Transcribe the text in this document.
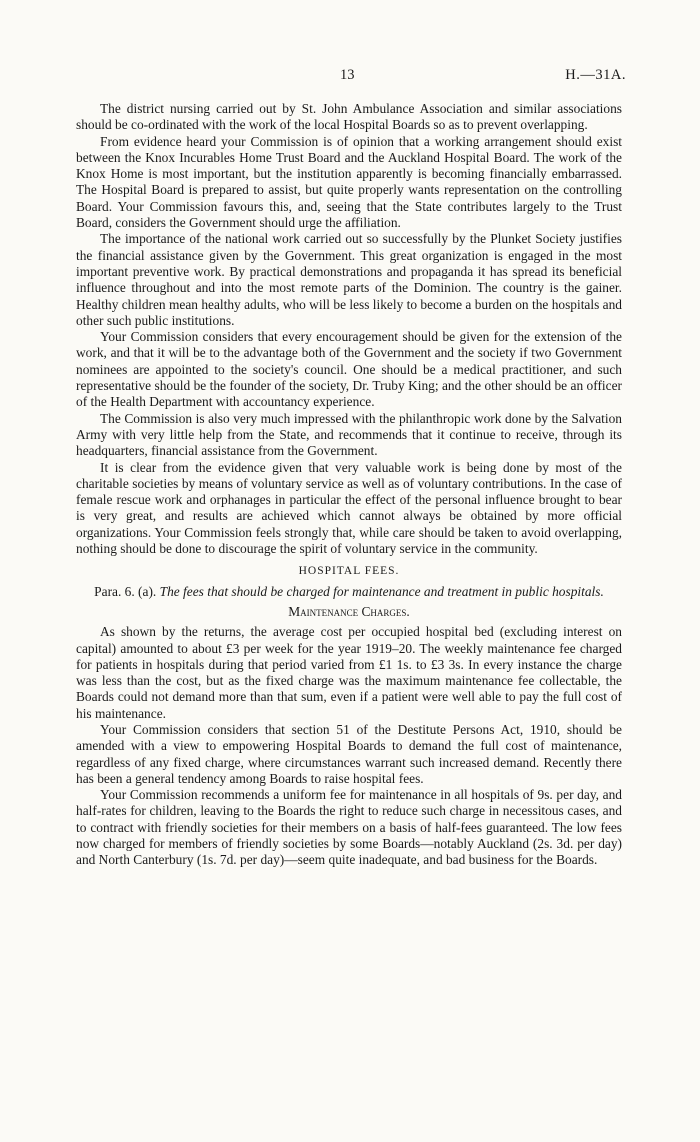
13	H.—31A.

The district nursing carried out by St. John Ambulance Association and similar associations should be co-ordinated with the work of the local Hospital Boards so as to prevent overlapping.

From evidence heard your Commission is of opinion that a working arrangement should exist between the Knox Incurables Home Trust Board and the Auckland Hospital Board. The work of the Knox Home is most important, but the institution apparently is becoming financially embarrassed. The Hospital Board is prepared to assist, but quite properly wants representation on the controlling Board. Your Commission favours this, and, seeing that the State contributes largely to the Trust Board, considers the Government should urge the affiliation.

The importance of the national work carried out so successfully by the Plunket Society justifies the financial assistance given by the Government. This great organization is engaged in the most important preventive work. By practical demonstrations and propaganda it has spread its beneficial influence throughout and into the most remote parts of the Dominion. The country is the gainer. Healthy children mean healthy adults, who will be less likely to become a burden on the hospitals and other such public institutions.

Your Commission considers that every encouragement should be given for the extension of the work, and that it will be to the advantage both of the Government and the society if two Government nominees are appointed to the society's council. One should be a medical practitioner, and such representative should be the founder of the society, Dr. Truby King; and the other should be an officer of the Health Department with accountancy experience.

The Commission is also very much impressed with the philanthropic work done by the Salvation Army with very little help from the State, and recommends that it continue to receive, through its headquarters, financial assistance from the Government.

It is clear from the evidence given that very valuable work is being done by most of the charitable societies by means of voluntary service as well as of voluntary contributions. In the case of female rescue work and orphanages in particular the effect of the personal influence brought to bear is very great, and results are achieved which cannot always be obtained by more official organizations. Your Commission feels strongly that, while care should be taken to avoid overlapping, nothing should be done to discourage the spirit of voluntary service in the community.

HOSPITAL FEES.

Para. 6. (a). The fees that should be charged for maintenance and treatment in public hospitals.

Maintenance Charges.

As shown by the returns, the average cost per occupied hospital bed (excluding interest on capital) amounted to about £3 per week for the year 1919–20. The weekly maintenance fee charged for patients in hospitals during that period varied from £1 1s. to £3 3s. In every instance the charge was less than the cost, but as the fixed charge was the maximum maintenance fee collectable, the Boards could not demand more than that sum, even if a patient were well able to pay the full cost of his maintenance.

Your Commission considers that section 51 of the Destitute Persons Act, 1910, should be amended with a view to empowering Hospital Boards to demand the full cost of maintenance, regardless of any fixed charge, where circumstances warrant such increased demand. Recently there has been a general tendency among Boards to raise hospital fees.

Your Commission recommends a uniform fee for maintenance in all hospitals of 9s. per day, and half-rates for children, leaving to the Boards the right to reduce such charge in necessitous cases, and to contract with friendly societies for their members on a basis of half-fees guaranteed. The low fees now charged for members of friendly societies by some Boards—notably Auckland (2s. 3d. per day) and North Canterbury (1s. 7d. per day)—seem quite inadequate, and bad business for the Boards.
